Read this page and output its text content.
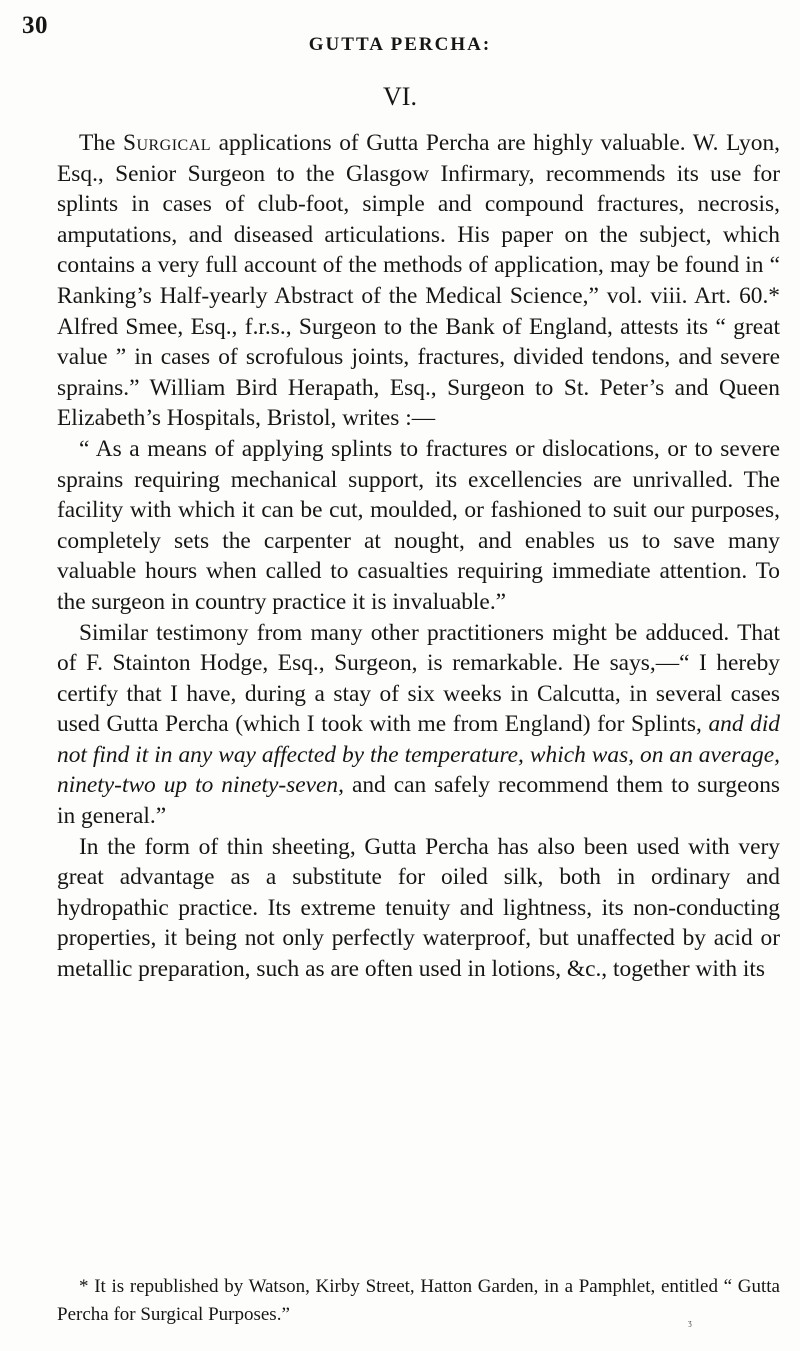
30
GUTTA PERCHA:
VI.

The Surgical applications of Gutta Percha are highly valuable. W. Lyon, Esq., Senior Surgeon to the Glasgow Infirmary, recommends its use for splints in cases of club-foot, simple and compound fractures, necrosis, amputations, and diseased articulations. His paper on the subject, which contains a very full account of the methods of application, may be found in “ Ranking’s Half-yearly Abstract of the Medical Science,” vol. viii. Art. 60.* Alfred Smee, Esq., f.r.s., Surgeon to the Bank of England, attests its “ great value ” in cases of scrofulous joints, fractures, divided tendons, and severe sprains.” William Bird Herapath, Esq., Surgeon to St. Peter’s and Queen Elizabeth’s Hospitals, Bristol, writes :—

“ As a means of applying splints to fractures or dislocations, or to severe sprains requiring mechanical support, its excellencies are unrivalled. The facility with which it can be cut, moulded, or fashioned to suit our purposes, completely sets the carpenter at nought, and enables us to save many valuable hours when called to casualties requiring immediate attention. To the surgeon in country practice it is invaluable.”

Similar testimony from many other practitioners might be adduced. That of F. Stainton Hodge, Esq., Surgeon, is remarkable. He says,—“ I hereby certify that I have, during a stay of six weeks in Calcutta, in several cases used Gutta Percha (which I took with me from England) for Splints, and did not find it in any way affected by the temperature, which was, on an average, ninety-two up to ninety-seven, and can safely recommend them to surgeons in general.”

In the form of thin sheeting, Gutta Percha has also been used with very great advantage as a substitute for oiled silk, both in ordinary and hydropathic practice. Its extreme tenuity and lightness, its non-conducting properties, it being not only perfectly waterproof, but unaffected by acid or metallic preparation, such as are often used in lotions, &c., together with its

* It is republished by Watson, Kirby Street, Hatton Garden, in a Pamphlet, entitled “ Gutta Percha for Surgical Purposes.”

ᶾ
